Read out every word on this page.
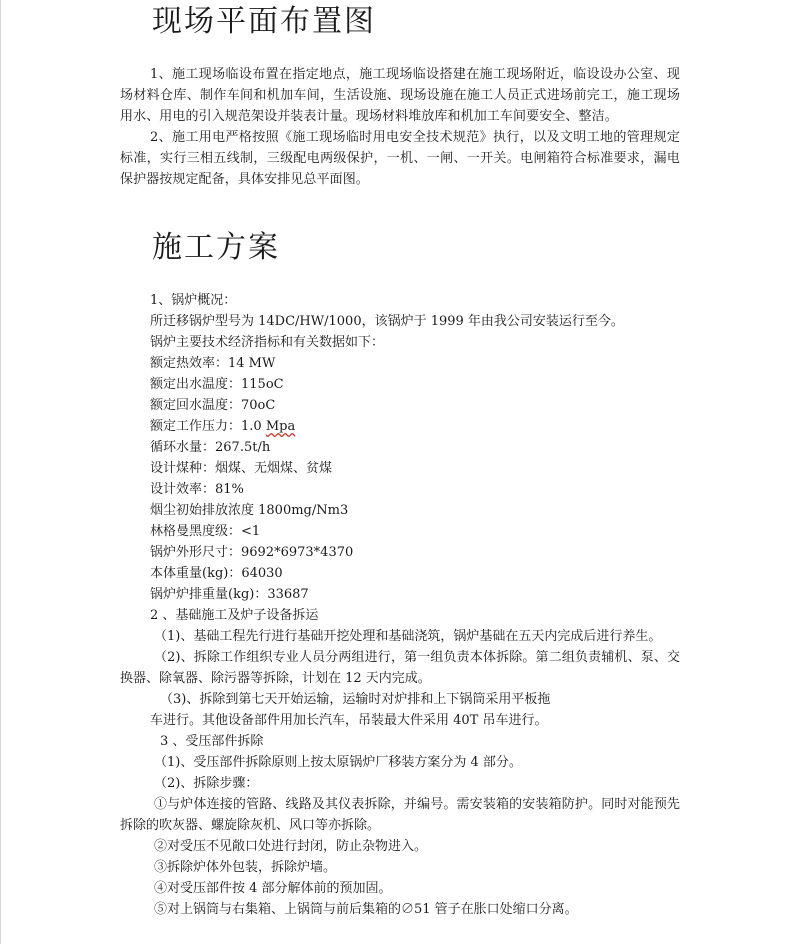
现场平面布置图

1、施工现场临设布置在指定地点，施工现场临设搭建在施工现场附近，临设设办公室、现场材料仓库、制作车间和机加车间，生活设施、现场设施在施工人员正式进场前完工，施工现场用水、用电的引入规范架设并装表计量。现场材料堆放库和机加工车间要安全、整洁。

2、施工用电严格按照《施工现场临时用电安全技术规范》执行，以及文明工地的管理规定标准，实行三相五线制，三级配电两级保护，一机、一闸、一开关。电闸箱符合标准要求，漏电保护器按规定配备，具体安排见总平面图。

施工方案
1、锅炉概况：
所迁移锅炉型号为 14DC/HW/1000，该锅炉于 1999 年由我公司安装运行至今。
锅炉主要技术经济指标和有关数据如下：
额定热效率：14 MW
额定出水温度：115oC
额定回水温度：70oC
额定工作压力：1.0 Mpa
循环水量：267.5t/h
设计煤种：烟煤、无烟煤、贫煤
设计效率：81%
烟尘初始排放浓度 1800mg/Nm3
林格曼黑度级：<1
锅炉外形尺寸：9692*6973*4370
本体重量(kg)：64030
锅炉炉排重量(kg)：33687
2 、基础施工及炉子设备拆运
（1)、基础工程先行进行基础开挖处理和基础浇筑，锅炉基础在五天内完成后进行养生。
（2)、拆除工作组织专业人员分两组进行，第一组负责本体拆除。第二组负责辅机、泵、交换器、除氧器、除污器等拆除，计划在 12 天内完成。
（3)、拆除到第七天开始运输，运输时对炉排和上下锅筒采用平板拖
车进行。其他设备部件用加长汽车，吊装最大件采用 40T 吊车进行。
3 、受压部件拆除
（1)、受压部件拆除原则上按太原锅炉厂移装方案分为 4 部分。
（2)、拆除步骤：
①与炉体连接的管路、线路及其仪表拆除，并编号。需安装箱的安装箱防护。同时对能预先拆除的吹灰器、螺旋除灰机、风口等亦拆除。
②对受压不见敞口处进行封闭，防止杂物进入。
③拆除炉体外包装，拆除炉墙。
④对受压部件按 4 部分解体前的预加固。
⑤对上锅筒与右集箱、上锅筒与前后集箱的∅51 管子在胀口处缩口分离。
